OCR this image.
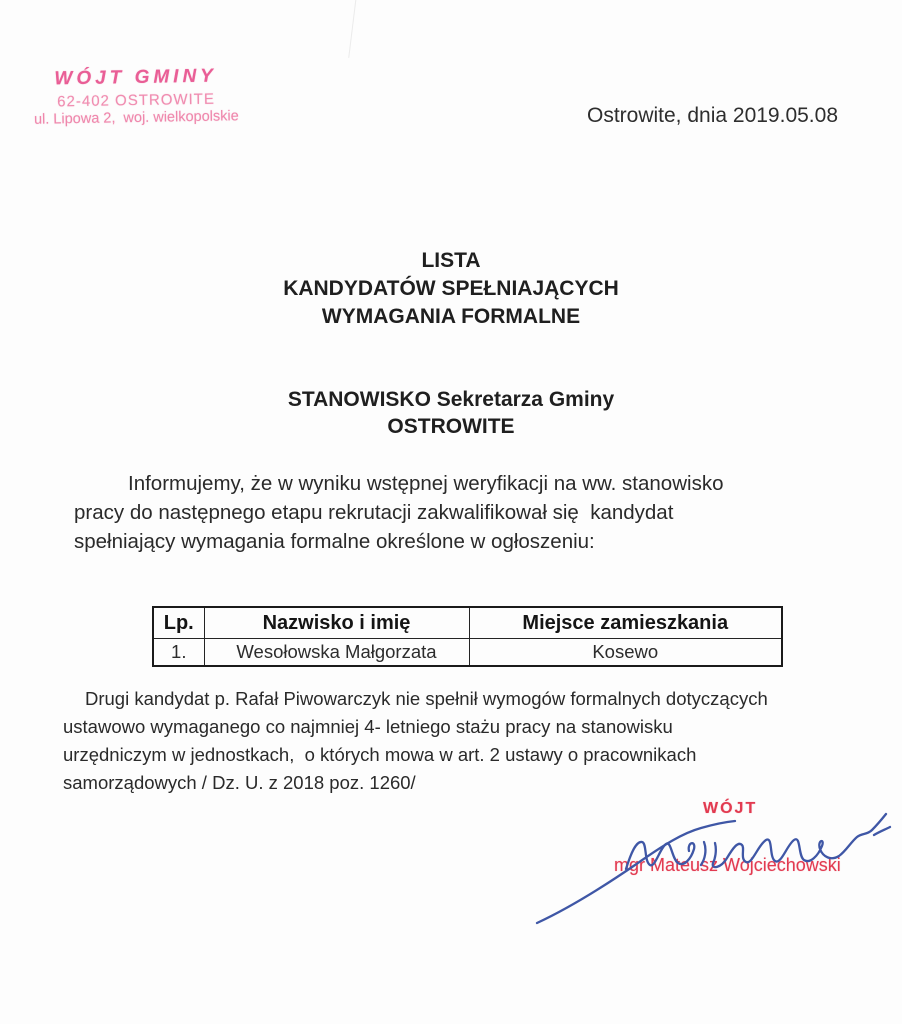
WÓJT GMINY
62-402 OSTROWITE
ul. Lipowa 2,  woj. wielkopolskie	Ostrowite, dnia 2019.05.08
LISTA
KANDYDATÓW SPEŁNIAJĄCYCH
WYMAGANIA FORMALNE
STANOWISKO Sekretarza Gminy
OSTROWITE
Informujemy, że w wyniku wstępnej weryfikacji na ww. stanowisko
pracy do następnego etapu rekrutacji zakwalifikował się  kandydat
spełniający wymagania formalne określone w ogłoszeniu:
Lp.	Nazwisko i imię	Miejsce zamieszkania
1.	Wesołowska Małgorzata	Kosewo
Drugi kandydat p. Rafał Piwowarczyk nie spełnił wymogów formalnych dotyczących
ustawowo wymaganego co najmniej 4- letniego stażu pracy na stanowisku
urzędniczym w jednostkach,  o których mowa w art. 2 ustawy o pracownikach
samorządowych / Dz. U. z 2018 poz. 1260/
WÓJT
mgr Mateusz Wojciechowski
